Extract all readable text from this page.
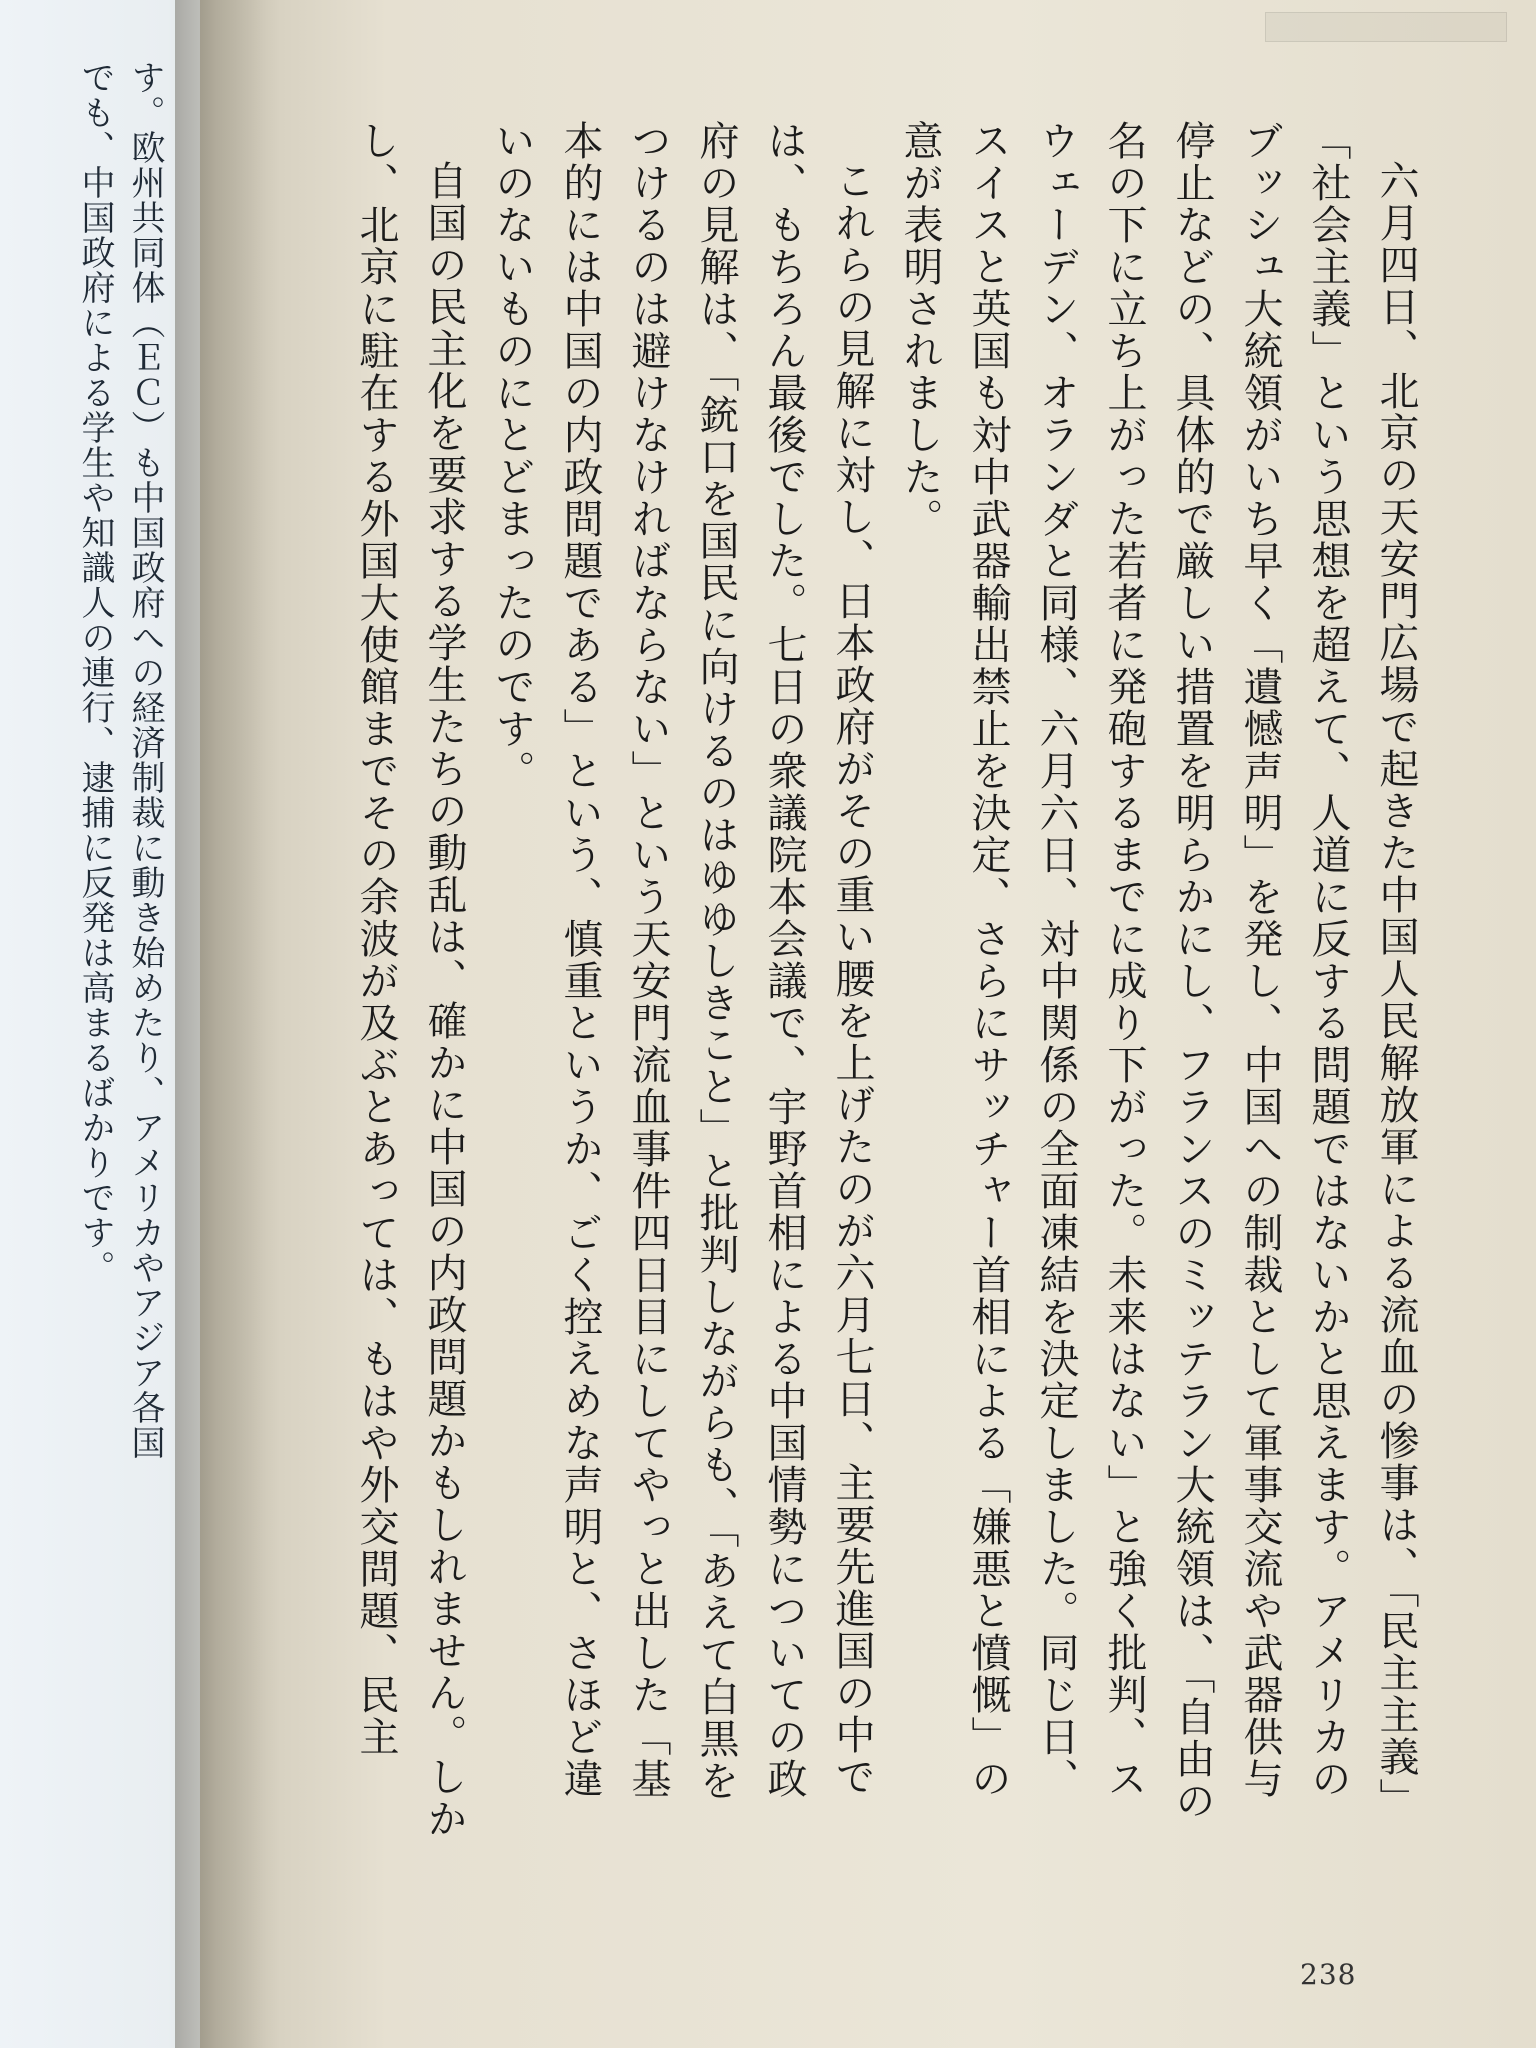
す。欧州共同体（ＥＣ）も中国政府への経済制裁に動き始めたり、アメリカやアジア各国

でも、中国政府による学生や知識人の連行、逮捕に反発は高まるばかりです。	六月四日、北京の天安門広場で起きた中国人民解放軍による流血の惨事は、「民主主義」「社会主義」という思想を超えて、人道に反する問題ではないかと思えます。アメリカのブッシュ大統領がいち早く「遺憾声明」を発し、中国への制裁として軍事交流や武器供与停止などの、具体的で厳しい措置を明らかにし、フランスのミッテラン大統領は、「自由の名の下に立ち上がった若者に発砲するまでに成り下がった。未来はない」と強く批判、スウェーデン、オランダと同様、六月六日、対中関係の全面凍結を決定しました。同じ日、スイスと英国も対中武器輸出禁止を決定、さらにサッチャー首相による「嫌悪と憤慨」の意が表明されました。

これらの見解に対し、日本政府がその重い腰を上げたのが六月七日、主要先進国の中では、もちろん最後でした。七日の衆議院本会議で、宇野首相による中国情勢についての政府の見解は、「銃口を国民に向けるのはゆゆしきこと」と批判しながらも、「あえて白黒をつけるのは避けなければならない」という天安門流血事件四日目にしてやっと出した「基本的には中国の内政問題である」という、慎重というか、ごく控えめな声明と、さほど違いのないものにとどまったのです。

自国の民主化を要求する学生たちの動乱は、確かに中国の内政問題かもしれません。しかし、北京に駐在する外国大使館までその余波が及ぶとあっては、もはや外交問題、民主

238
